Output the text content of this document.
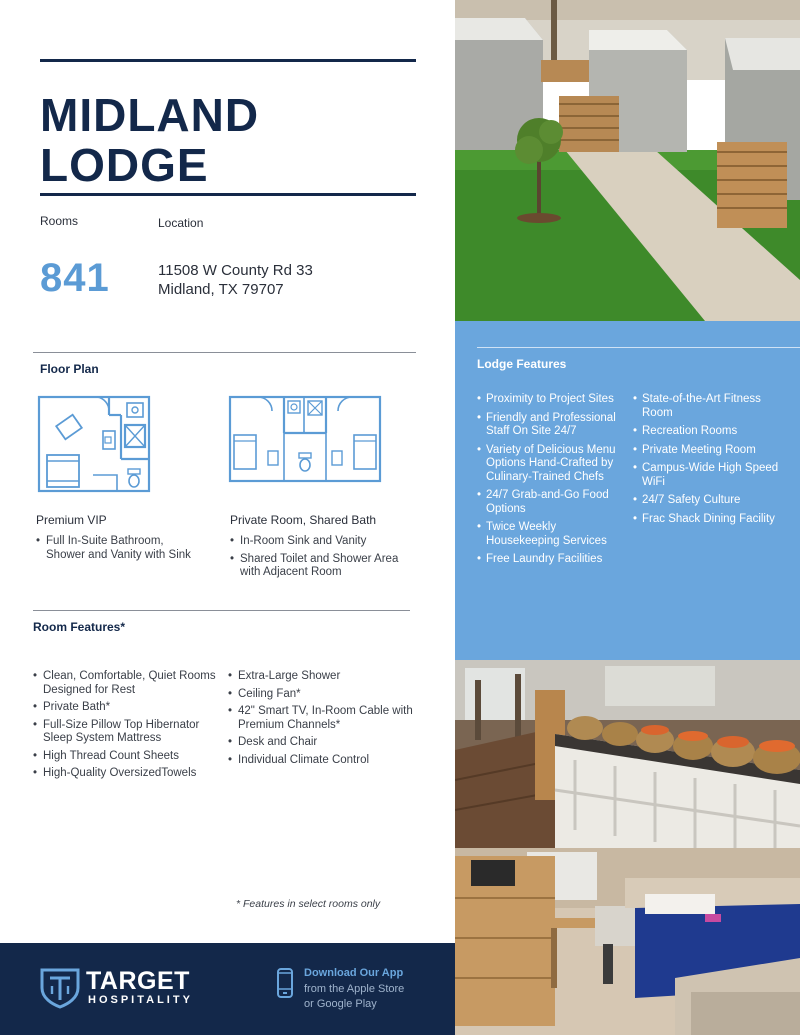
MIDLAND
LODGE
Rooms	Location
841	11508 W County Rd 33
Midland, TX 79707
Floor Plan
Premium VIP
• Full In-Suite Bathroom, Shower and Vanity with Sink
Private Room, Shared Bath
• In-Room Sink and Vanity
• Shared Toilet and Shower Area with Adjacent Room
Room Features*
• Clean, Comfortable, Quiet Rooms Designed for Rest
• Private Bath*
• Full-Size Pillow Top Hibernator Sleep System Mattress
• High Thread Count Sheets
• High-Quality OversizedTowels
• Extra-Large Shower
• Ceiling Fan*
• 42" Smart TV, In-Room Cable with Premium Channels*
• Desk and Chair
• Individual Climate Control
* Features in select rooms only
TARGET
HOSPITALITY
Download Our App
from the Apple Store
or Google Play
Lodge Features
• Proximity to Project Sites
• Friendly and Professional Staff On Site 24/7
• Variety of Delicious Menu Options Hand-Crafted by Culinary-Trained Chefs
• 24/7 Grab-and-Go Food Options
• Twice Weekly Housekeeping Services
• Free Laundry Facilities
• State-of-the-Art Fitness Room
• Recreation Rooms
• Private Meeting Room
• Campus-Wide High Speed WiFi
• 24/7 Safety Culture
• Frac Shack Dining Facility
